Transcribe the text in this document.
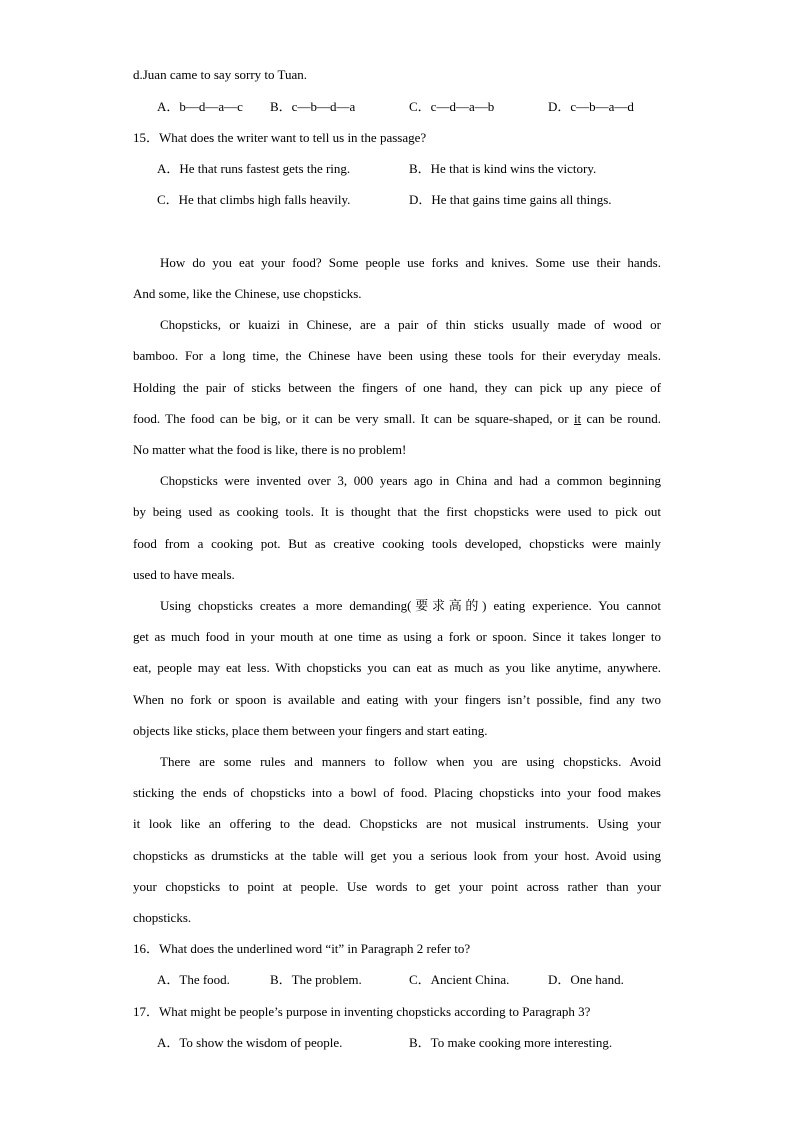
d.Juan came to say sorry to Tuan.
A．b—d—a—c B．c—b—d—a	C．c—d—a—b	D．c—b—a—d
15．What does the writer want to tell us in the passage?
A．He that runs fastest gets the ring.	B．He that is kind wins the victory.
C．He that climbs high falls heavily.	D．He that gains time gains all things.
How do you eat your food? Some people use forks and knives. Some use their hands.
And some, like the Chinese, use chopsticks.
Chopsticks, or kuaizi in Chinese, are a pair of thin sticks usually made of wood or
bamboo. For a long time, the Chinese have been using these tools for their everyday meals.
Holding the pair of sticks between the fingers of one hand, they can pick up any piece of
food. The food can be big, or it can be very small. It can be square-shaped, or it can be round.
No matter what the food is like, there is no problem!
Chopsticks were invented over 3, 000 years ago in China and had a common beginning
by being used as cooking tools. It is thought that the first chopsticks were used to pick out
food from a cooking pot. But as creative cooking tools developed, chopsticks were mainly
used to have meals.
Using chopsticks creates a more demanding(要求高的) eating experience. You cannot
get as much food in your mouth at one time as using a fork or spoon. Since it takes longer to
eat, people may eat less. With chopsticks you can eat as much as you like anytime, anywhere.
When no fork or spoon is available and eating with your fingers isn’t possible, find any two
objects like sticks, place them between your fingers and start eating.
There are some rules and manners to follow when you are using chopsticks. Avoid
sticking the ends of chopsticks into a bowl of food. Placing chopsticks into your food makes
it look like an offering to the dead. Chopsticks are not musical instruments. Using your
chopsticks as drumsticks at the table will get you a serious look from your host. Avoid using
your chopsticks to point at people. Use words to get your point across rather than your
chopsticks.
16．What does the underlined word “it” in Paragraph 2 refer to?
A．The food.	B．The problem.	C．Ancient China.	D．One hand.
17．What might be people’s purpose in inventing chopsticks according to Paragraph 3?
A．To show the wisdom of people.	B．To make cooking more interesting.
